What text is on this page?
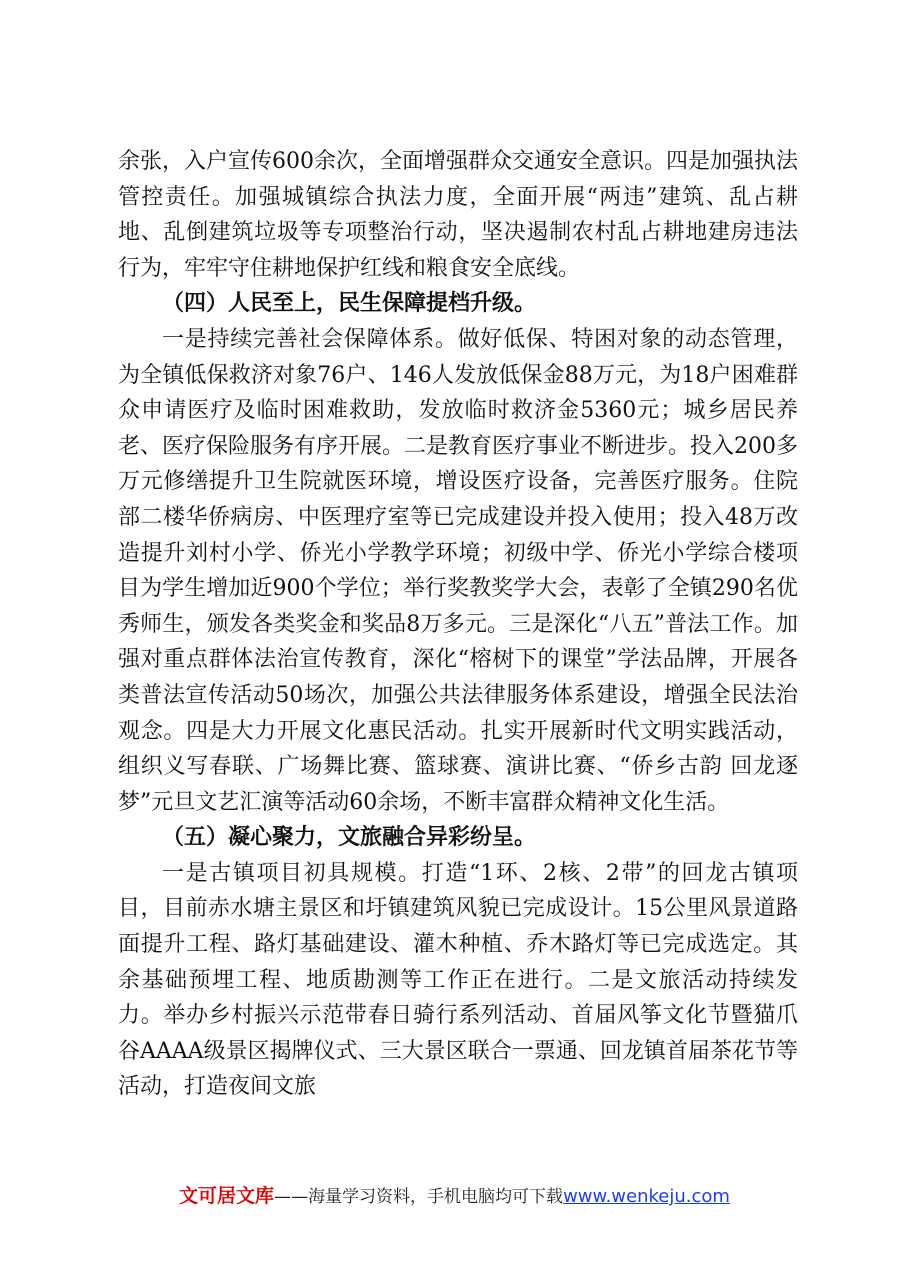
余张，入户宣传600余次，全面增强群众交通安全意识。四是加强执法管控责任。加强城镇综合执法力度，全面开展“两违”建筑、乱占耕地、乱倒建筑垃圾等专项整治行动，坚决遏制农村乱占耕地建房违法行为，牢牢守住耕地保护红线和粮食安全底线。

（四）人民至上，民生保障提档升级。

一是持续完善社会保障体系。做好低保、特困对象的动态管理，为全镇低保救济对象76户、146人发放低保金88万元，为18户困难群众申请医疗及临时困难救助，发放临时救济金5360元；城乡居民养老、医疗保险服务有序开展。二是教育医疗事业不断进步。投入200多万元修缮提升卫生院就医环境，增设医疗设备，完善医疗服务。住院部二楼华侨病房、中医理疗室等已完成建设并投入使用；投入48万改造提升刘村小学、侨光小学教学环境；初级中学、侨光小学综合楼项目为学生增加近900个学位；举行奖教奖学大会，表彰了全镇290名优秀师生，颁发各类奖金和奖品8万多元。三是深化“八五”普法工作。加强对重点群体法治宣传教育，深化“榕树下的课堂”学法品牌，开展各类普法宣传活动50场次，加强公共法律服务体系建设，增强全民法治观念。四是大力开展文化惠民活动。扎实开展新时代文明实践活动，组织义写春联、广场舞比赛、篮球赛、演讲比赛、“侨乡古韵 回龙逐梦”元旦文艺汇演等活动60余场，不断丰富群众精神文化生活。

（五）凝心聚力，文旅融合异彩纷呈。

一是古镇项目初具规模。打造“1环、2核、2带”的回龙古镇项目，目前赤水塘主景区和圩镇建筑风貌已完成设计。15公里风景道路面提升工程、路灯基础建设、灌木种植、乔木路灯等已完成选定。其余基础预埋工程、地质勘测等工作正在进行。二是文旅活动持续发力。举办乡村振兴示范带春日骑行系列活动、首届风筝文化节暨猫爪谷AAAA级景区揭牌仪式、三大景区联合一票通、回龙镇首届茶花节等活动，打造夜间文旅

文可居文库——海量学习资料，手机电脑均可下载www.wenkeju.com
